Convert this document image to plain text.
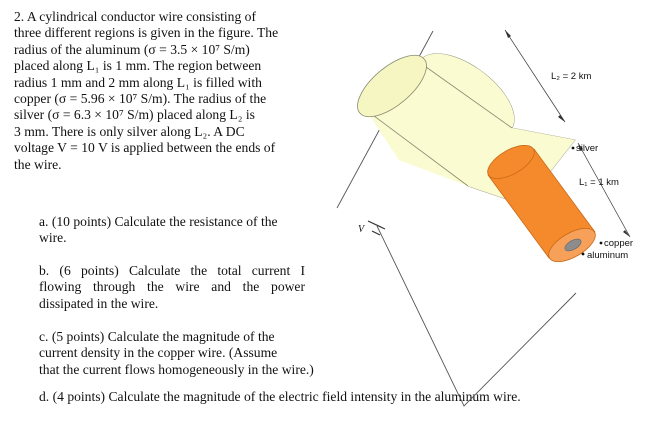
2. A cylindrical conductor wire consisting of
three different regions is given in the figure. The
radius of the aluminum (σ = 3.5 × 10⁷ S/m)
placed along L₁ is 1 mm. The region between
radius 1 mm and 2 mm along L₁ is filled with
copper (σ = 5.96 × 10⁷ S/m). The radius of the
silver (σ = 6.3 × 10⁷ S/m) placed along L₂ is
3 mm. There is only silver along L₂. A DC
voltage V = 10 V is applied between the ends of
the wire.
a. (10 points) Calculate the resistance of the
wire.
b. (6 points) Calculate the total current I
flowing through the wire and the power
dissipated in the wire.
c. (5 points) Calculate the magnitude of the
current density in the copper wire. (Assume
that the current flows homogeneously in the wire.)
d. (4 points) Calculate the magnitude of the electric field intensity in the aluminum wire.
V
L₂ = 2 km
L₁ = 1 km
silver
copper
aluminum
